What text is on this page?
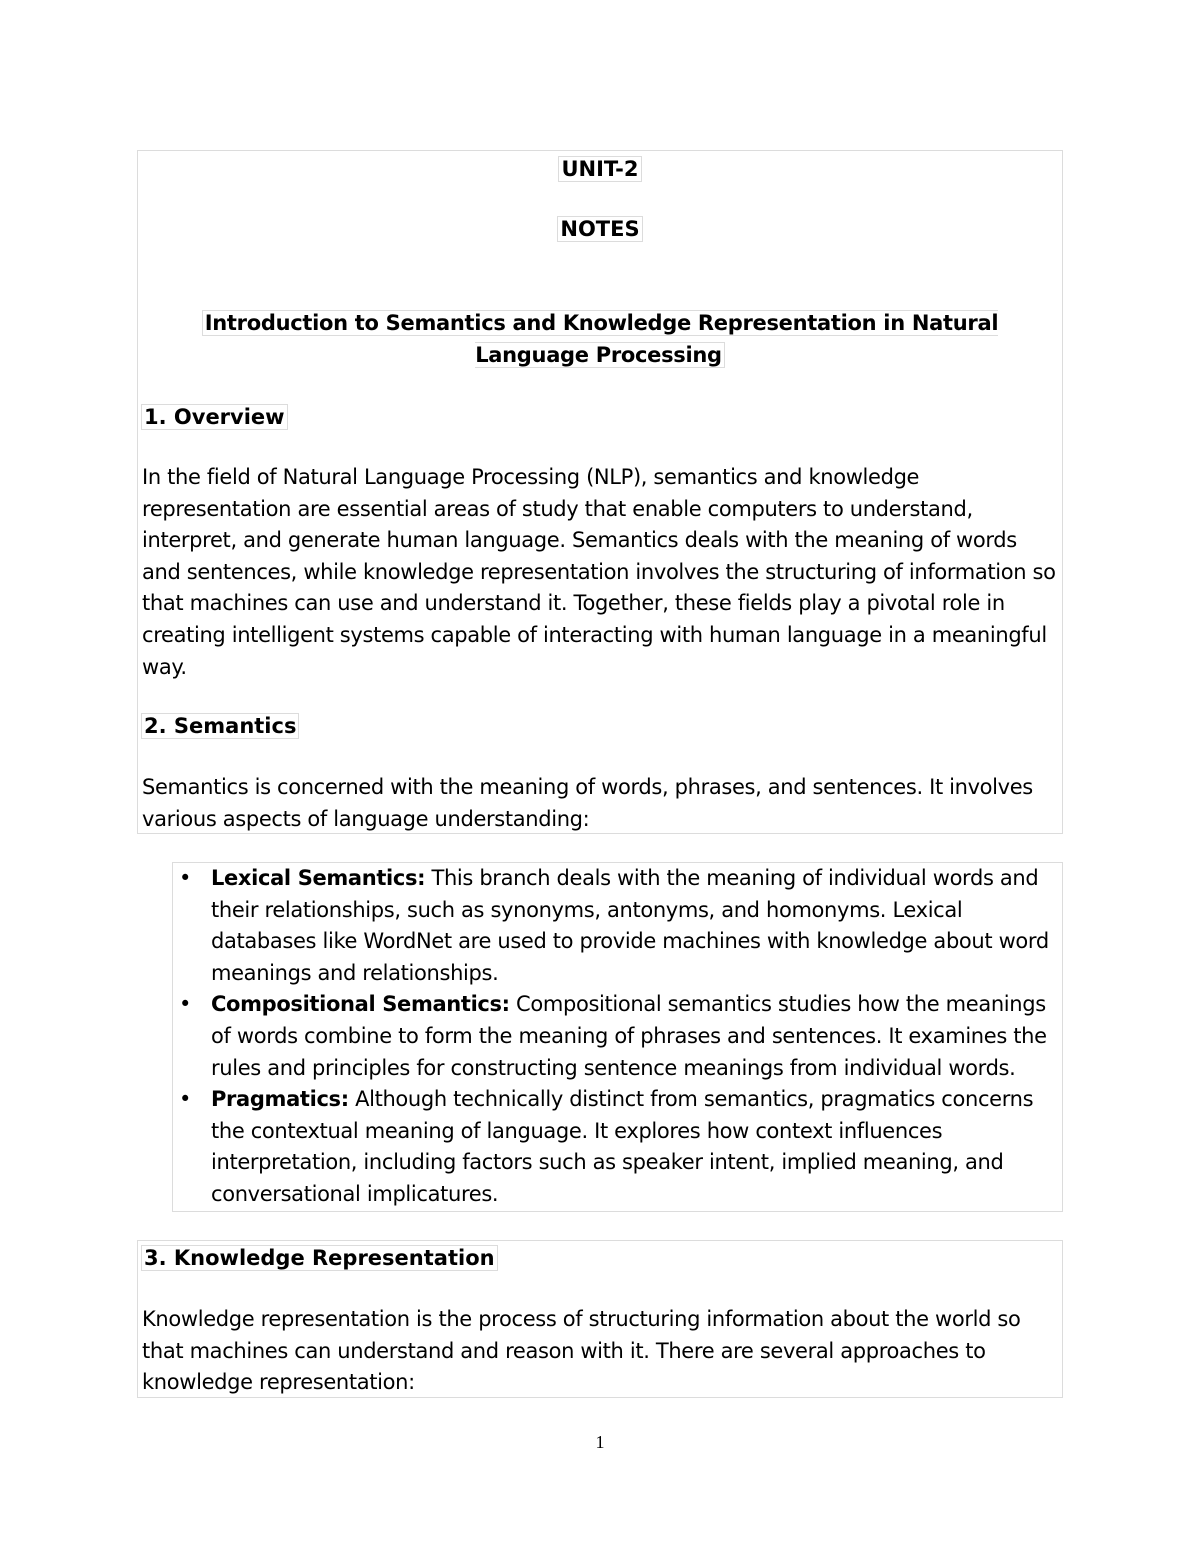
UNIT-2
NOTES
Introduction to Semantics and Knowledge Representation in Natural Language Processing
1. Overview
In the field of Natural Language Processing (NLP), semantics and knowledge representation are essential areas of study that enable computers to understand, interpret, and generate human language. Semantics deals with the meaning of words and sentences, while knowledge representation involves the structuring of information so that machines can use and understand it. Together, these fields play a pivotal role in creating intelligent systems capable of interacting with human language in a meaningful way.
2. Semantics
Semantics is concerned with the meaning of words, phrases, and sentences. It involves various aspects of language understanding:
• Lexical Semantics: This branch deals with the meaning of individual words and their relationships, such as synonyms, antonyms, and homonyms. Lexical databases like WordNet are used to provide machines with knowledge about word meanings and relationships.
• Compositional Semantics: Compositional semantics studies how the meanings of words combine to form the meaning of phrases and sentences. It examines the rules and principles for constructing sentence meanings from individual words.
• Pragmatics: Although technically distinct from semantics, pragmatics concerns the contextual meaning of language. It explores how context influences interpretation, including factors such as speaker intent, implied meaning, and conversational implicatures.
3. Knowledge Representation
Knowledge representation is the process of structuring information about the world so that machines can understand and reason with it. There are several approaches to knowledge representation:
1
